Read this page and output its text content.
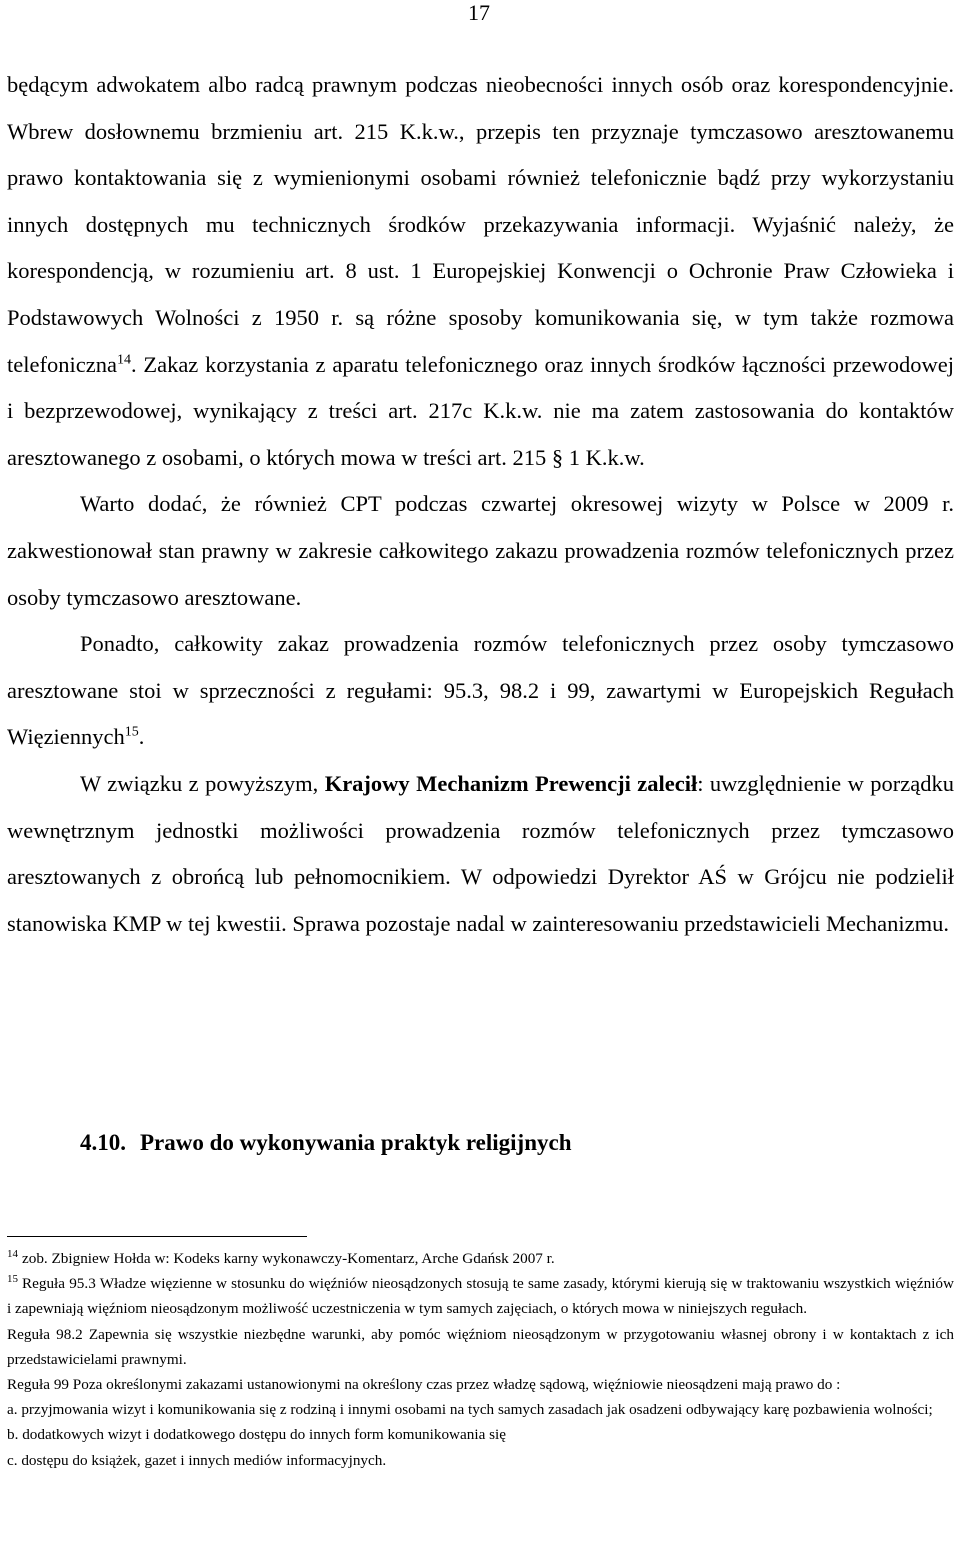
17

będącym adwokatem albo radcą prawnym podczas nieobecności innych osób oraz korespondencyjnie. Wbrew dosłownemu brzmieniu art. 215 K.k.w., przepis ten przyznaje tymczasowo aresztowanemu prawo kontaktowania się z wymienionymi osobami również telefonicznie bądź przy wykorzystaniu innych dostępnych mu technicznych środków przekazywania informacji. Wyjaśnić należy, że korespondencją, w rozumieniu art. 8 ust. 1 Europejskiej Konwencji o Ochronie Praw Człowieka i Podstawowych Wolności z 1950 r. są różne sposoby komunikowania się, w tym także rozmowa telefoniczna$^{14}$. Zakaz korzystania z aparatu telefonicznego oraz innych środków łączności przewodowej i bezprzewodowej, wynikający z treści art. 217c K.k.w. nie ma zatem zastosowania do kontaktów aresztowanego z osobami, o których mowa w treści art. 215 § 1 K.k.w.

Warto dodać, że również CPT podczas czwartej okresowej wizyty w Polsce w 2009 r. zakwestionował stan prawny w zakresie całkowitego zakazu prowadzenia rozmów telefonicznych przez osoby tymczasowo aresztowane.

Ponadto, całkowity zakaz prowadzenia rozmów telefonicznych przez osoby tymczasowo aresztowane stoi w sprzeczności z regułami: 95.3, 98.2 i 99, zawartymi w Europejskich Regułach Więziennych$^{15}$.

W związku z powyższym, Krajowy Mechanizm Prewencji zalecił: uwzględnienie w porządku wewnętrznym jednostki możliwości prowadzenia rozmów telefonicznych przez tymczasowo aresztowanych z obrońcą lub pełnomocnikiem. W odpowiedzi Dyrektor AŚ w Grójcu nie podzielił stanowiska KMP w tej kwestii. Sprawa pozostaje nadal w zainteresowaniu przedstawicieli Mechanizmu.

4.10. Prawo do wykonywania praktyk religijnych

$^{14}$ zob. Zbigniew Hołda w: Kodeks karny wykonawczy-Komentarz, Arche Gdańsk 2007 r.

$^{15}$ Reguła 95.3 Władze więzienne w stosunku do więźniów nieosądzonych stosują te same zasady, którymi kierują się w traktowaniu wszystkich więźniów i zapewniają więźniom nieosądzonym możliwość uczestniczenia w tym samych zajęciach, o których mowa w niniejszych regułach.

Reguła 98.2 Zapewnia się wszystkie niezbędne warunki, aby pomóc więźniom nieosądzonym w przygotowaniu własnej obrony i w kontaktach z ich przedstawicielami prawnymi.

Reguła 99 Poza określonymi zakazami ustanowionymi na określony czas przez władzę sądową, więźniowie nieosądzeni mają prawo do :

a. przyjmowania wizyt i komunikowania się z rodziną i innymi osobami na tych samych zasadach jak osadzeni odbywający karę pozbawienia wolności;

b. dodatkowych wizyt i dodatkowego dostępu do innych form komunikowania się

c. dostępu do książek, gazet i innych mediów informacyjnych.
